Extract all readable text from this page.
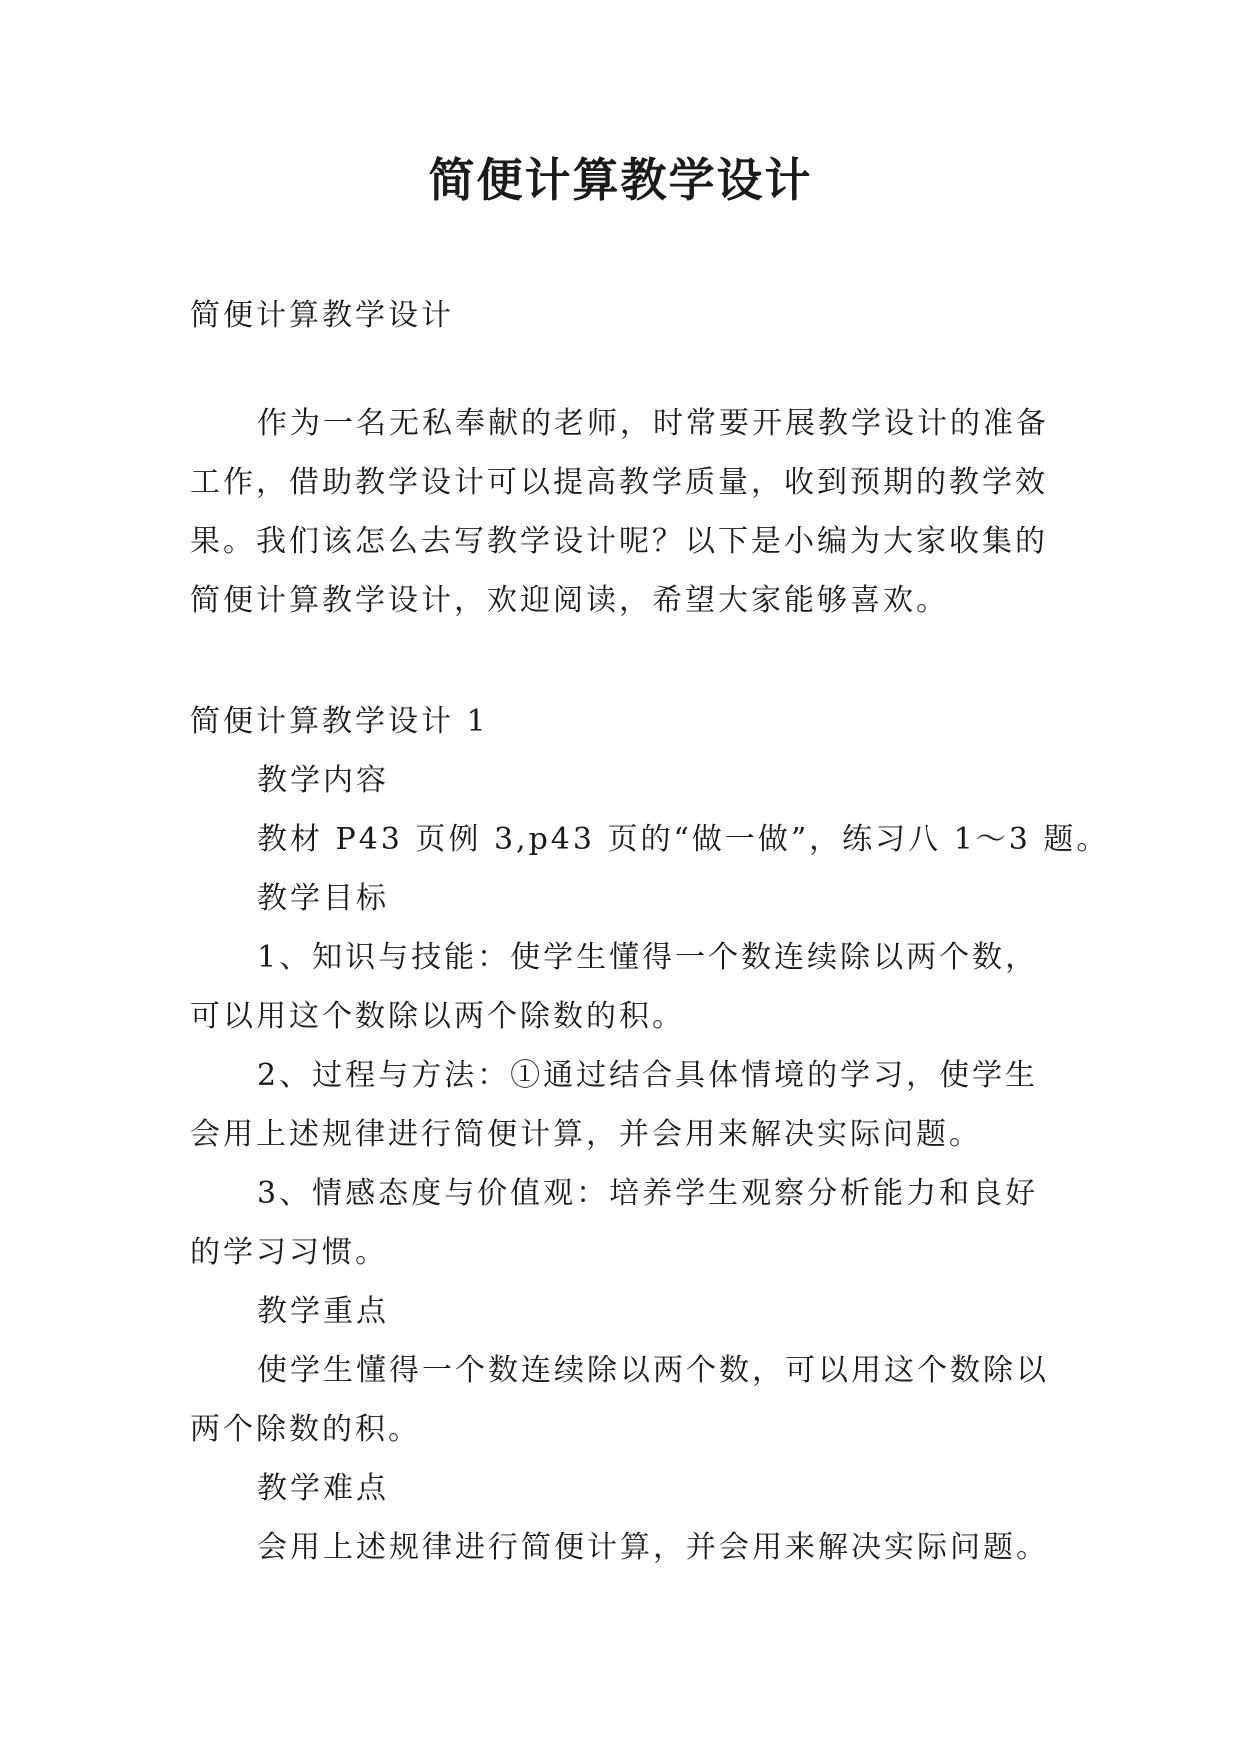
简便计算教学设计
简便计算教学设计
作为一名无私奉献的老师，时常要开展教学设计的准备
工作，借助教学设计可以提高教学质量，收到预期的教学效
果。我们该怎么去写教学设计呢？以下是小编为大家收集的
简便计算教学设计，欢迎阅读，希望大家能够喜欢。
简便计算教学设计 1
教学内容
教材 P43 页例 3,p43 页的“做一做”，练习八 1～3 题。
教学目标
1、知识与技能：使学生懂得一个数连续除以两个数，
可以用这个数除以两个除数的积。
2、过程与方法：①通过结合具体情境的学习，使学生
会用上述规律进行简便计算，并会用来解决实际问题。
3、情感态度与价值观：培养学生观察分析能力和良好
的学习习惯。
教学重点
使学生懂得一个数连续除以两个数，可以用这个数除以
两个除数的积。
教学难点
会用上述规律进行简便计算，并会用来解决实际问题。
